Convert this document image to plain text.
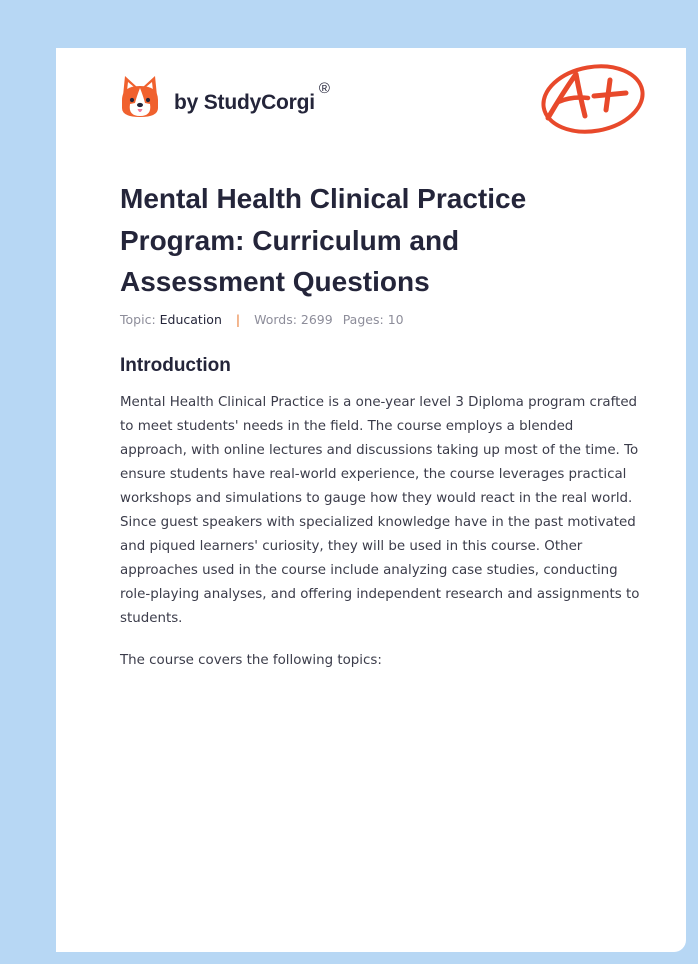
by StudyCorgi
®
Mental Health Clinical Practice Program: Curriculum and Assessment Questions
Topic: Education | Words: 2699 Pages: 10
Introduction

Mental Health Clinical Practice is a one-year level 3 Diploma program crafted to meet students' needs in the field. The course employs a blended approach, with online lectures and discussions taking up most of the time. To ensure students have real-world experience, the course leverages practical workshops and simulations to gauge how they would react in the real world. Since guest speakers with specialized knowledge have in the past motivated and piqued learners' curiosity, they will be used in this course. Other approaches used in the course include analyzing case studies, conducting role-playing analyses, and offering independent research and assignments to students.

The course covers the following topics:
